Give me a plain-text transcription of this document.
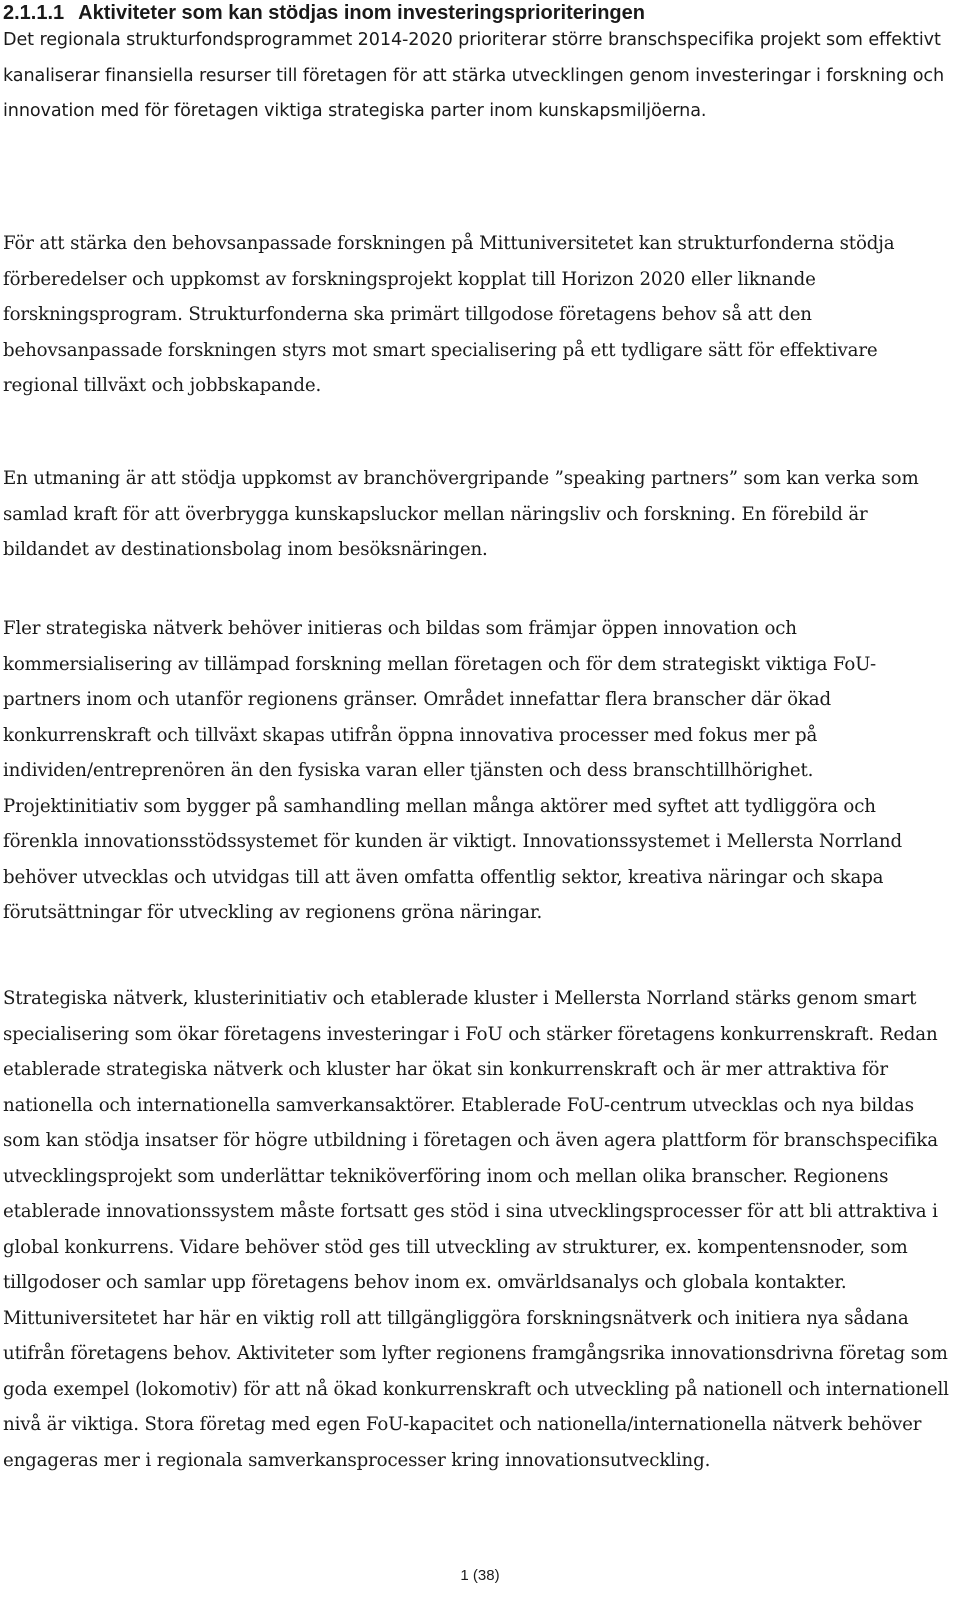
2.1.1.1 Aktiviteter som kan stödjas inom investeringsprioriteringen

Det regionala strukturfondsprogrammet 2014-2020 prioriterar större branschspecifika projekt som effektivt kanaliserar finansiella resurser till företagen för att stärka utvecklingen genom investeringar i forskning och innovation med för företagen viktiga strategiska parter inom kunskapsmiljöerna.

För att stärka den behovsanpassade forskningen på Mittuniversitetet kan strukturfonderna stödja förberedelser och uppkomst av forskningsprojekt kopplat till Horizon 2020 eller liknande forskningsprogram. Strukturfonderna ska primärt tillgodose företagens behov så att den behovsanpassade forskningen styrs mot smart specialisering på ett tydligare sätt för effektivare regional tillväxt och jobbskapande.

En utmaning är att stödja uppkomst av branchövergripande ”speaking partners” som kan verka som samlad kraft för att överbrygga kunskapsluckor mellan näringsliv och forskning. En förebild är bildandet av destinationsbolag inom besöksnäringen.

Fler strategiska nätverk behöver initieras och bildas som främjar öppen innovation och kommersialisering av tillämpad forskning mellan företagen och för dem strategiskt viktiga FoU-partners inom och utanför regionens gränser. Området innefattar flera branscher där ökad konkurrenskraft och tillväxt skapas utifrån öppna innovativa processer med fokus mer på individen/entreprenören än den fysiska varan eller tjänsten och dess branschtillhörighet. Projektinitiativ som bygger på samhandling mellan många aktörer med syftet att tydliggöra och förenkla innovationsstödssystemet för kunden är viktigt. Innovationssystemet i Mellersta Norrland behöver utvecklas och utvidgas till att även omfatta offentlig sektor, kreativa näringar och skapa förutsättningar för utveckling av regionens gröna näringar.

Strategiska nätverk, klusterinitiativ och etablerade kluster i Mellersta Norrland stärks genom smart specialisering som ökar företagens investeringar i FoU och stärker företagens konkurrenskraft. Redan etablerade strategiska nätverk och kluster har ökat sin konkurrenskraft och är mer attraktiva för nationella och internationella samverkansaktörer. Etablerade FoU-centrum utvecklas och nya bildas som kan stödja insatser för högre utbildning i företagen och även agera plattform för branschspecifika utvecklingsprojekt som underlättar tekniköverföring inom och mellan olika branscher. Regionens etablerade innovationssystem måste fortsatt ges stöd i sina utvecklingsprocesser för att bli attraktiva i global konkurrens. Vidare behöver stöd ges till utveckling av strukturer, ex. kompentensnoder, som tillgodoser och samlar upp företagens behov inom ex. omvärldsanalys och globala kontakter. Mittuniversitetet har här en viktig roll att tillgängliggöra forskningsnätverk och initiera nya sådana utifrån företagens behov. Aktiviteter som lyfter regionens framgångsrika innovationsdrivna företag som goda exempel (lokomotiv) för att nå ökad konkurrenskraft och utveckling på nationell och internationell nivå är viktiga. Stora företag med egen FoU-kapacitet och nationella/internationella nätverk behöver engageras mer i regionala samverkansprocesser kring innovationsutveckling.

1 (38)
